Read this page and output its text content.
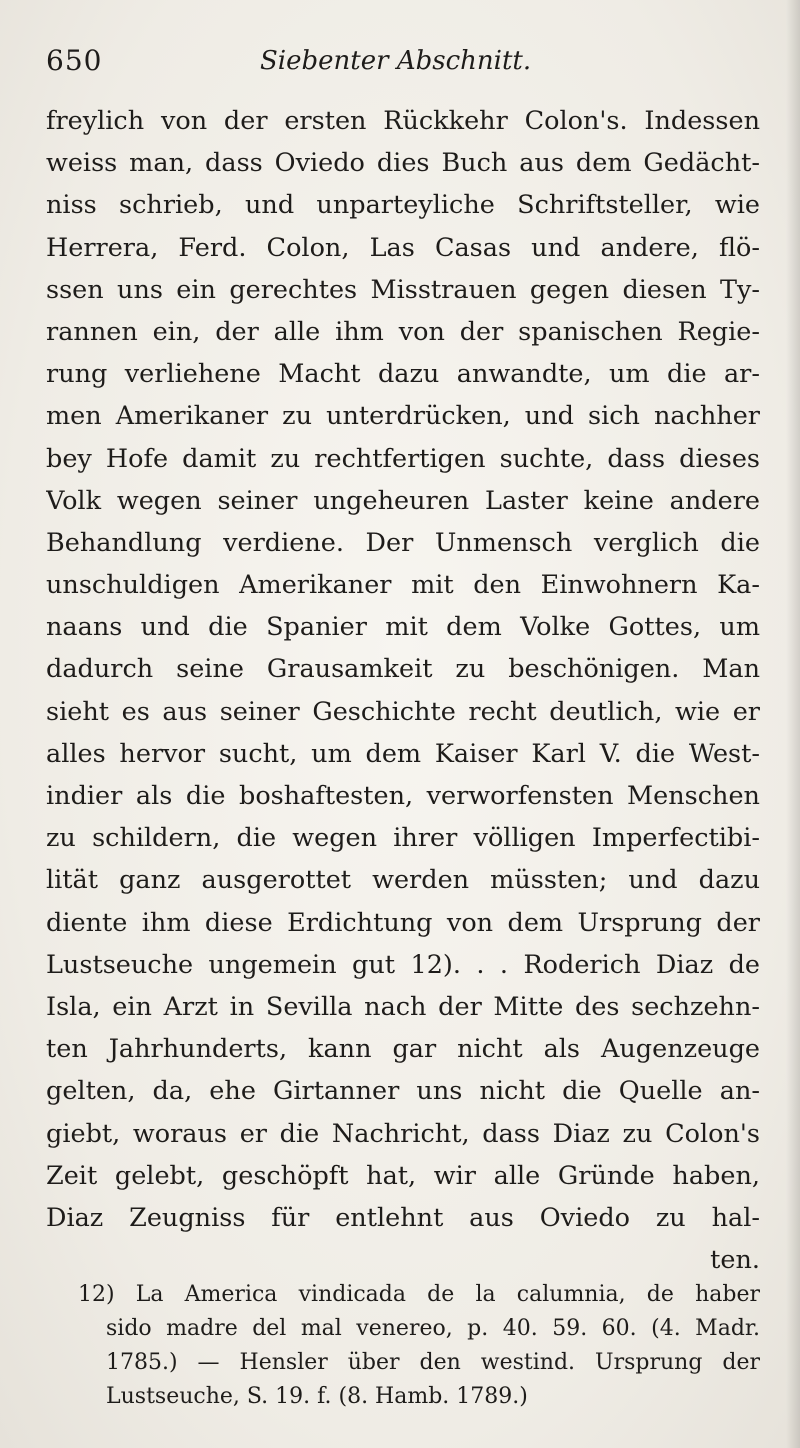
650	Siebenter Abschnitt.
freylich von der ersten Rückkehr Colon's. Indessen
weiss man, dass Oviedo dies Buch aus dem Gedächt-
niss schrieb, und unparteyliche Schriftsteller, wie
Herrera, Ferd. Colon, Las Casas und andere, flö-
ssen uns ein gerechtes Misstrauen gegen diesen Ty-
rannen ein, der alle ihm von der spanischen Regie-
rung verliehene Macht dazu anwandte, um die ar-
men Amerikaner zu unterdrücken, und sich nachher
bey Hofe damit zu rechtfertigen suchte, dass dieses
Volk wegen seiner ungeheuren Laster keine andere
Behandlung verdiene. Der Unmensch verglich die
unschuldigen Amerikaner mit den Einwohnern Ka-
naans und die Spanier mit dem Volke Gottes, um
dadurch seine Grausamkeit zu beschönigen. Man
sieht es aus seiner Geschichte recht deutlich, wie er
alles hervor sucht, um dem Kaiser Karl V. die West-
indier als die boshaftesten, verworfensten Menschen
zu schildern, die wegen ihrer völligen Imperfectibi-
lität ganz ausgerottet werden müssten; und dazu
diente ihm diese Erdichtung von dem Ursprung der
Lustseuche ungemein gut 12). . . Roderich Diaz de
Isla, ein Arzt in Sevilla nach der Mitte des sechzehn-
ten Jahrhunderts, kann gar nicht als Augenzeuge
gelten, da, ehe Girtanner uns nicht die Quelle an-
giebt, woraus er die Nachricht, dass Diaz zu Colon's
Zeit gelebt, geschöpft hat, wir alle Gründe haben,
Diaz Zeugniss für entlehnt aus Oviedo zu hal-
ten.
12) La America vindicada de la calumnia, de haber
sido madre del mal venereo, p. 40. 59. 60. (4. Madr.
1785.) — Hensler über den westind. Ursprung der
Lustseuche, S. 19. f. (8. Hamb. 1789.)
